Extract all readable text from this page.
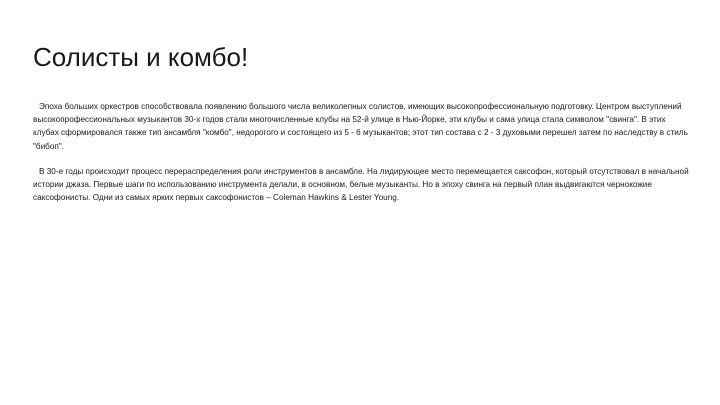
Солисты и комбо!

Эпоха больших оркестров способствовала появлению большого числа великолепных солистов, имеющих высокопрофессиональную подготовку. Центром выступлений высокопрофессиональных музыкантов 30-х годов стали многочисленные клубы на 52-й улице в Нью-Йорке, эти клубы и сама улица стала символом "свинга". В этих клубах сформировался также тип ансамбля "комбо", недорогого и состоящего из 5 - 6 музыкантов; этот тип состава с 2 - 3 духовыми перешел затем по наследству в стиль "бибоп".

В 30-е годы происходит процесс перераспределения роли инструментов в ансамбле. На лидирующее место перемещается саксофон, который отсутствовал в начальной истории джаза. Первые шаги по использованию инструмента делали, в основном, белые музыканты. Но в эпоху свинга на первый план выдвигаются чернокожие саксофонисты. Одни из самых ярких первых саксофонистов – Coleman Hawkins & Lester Young.
